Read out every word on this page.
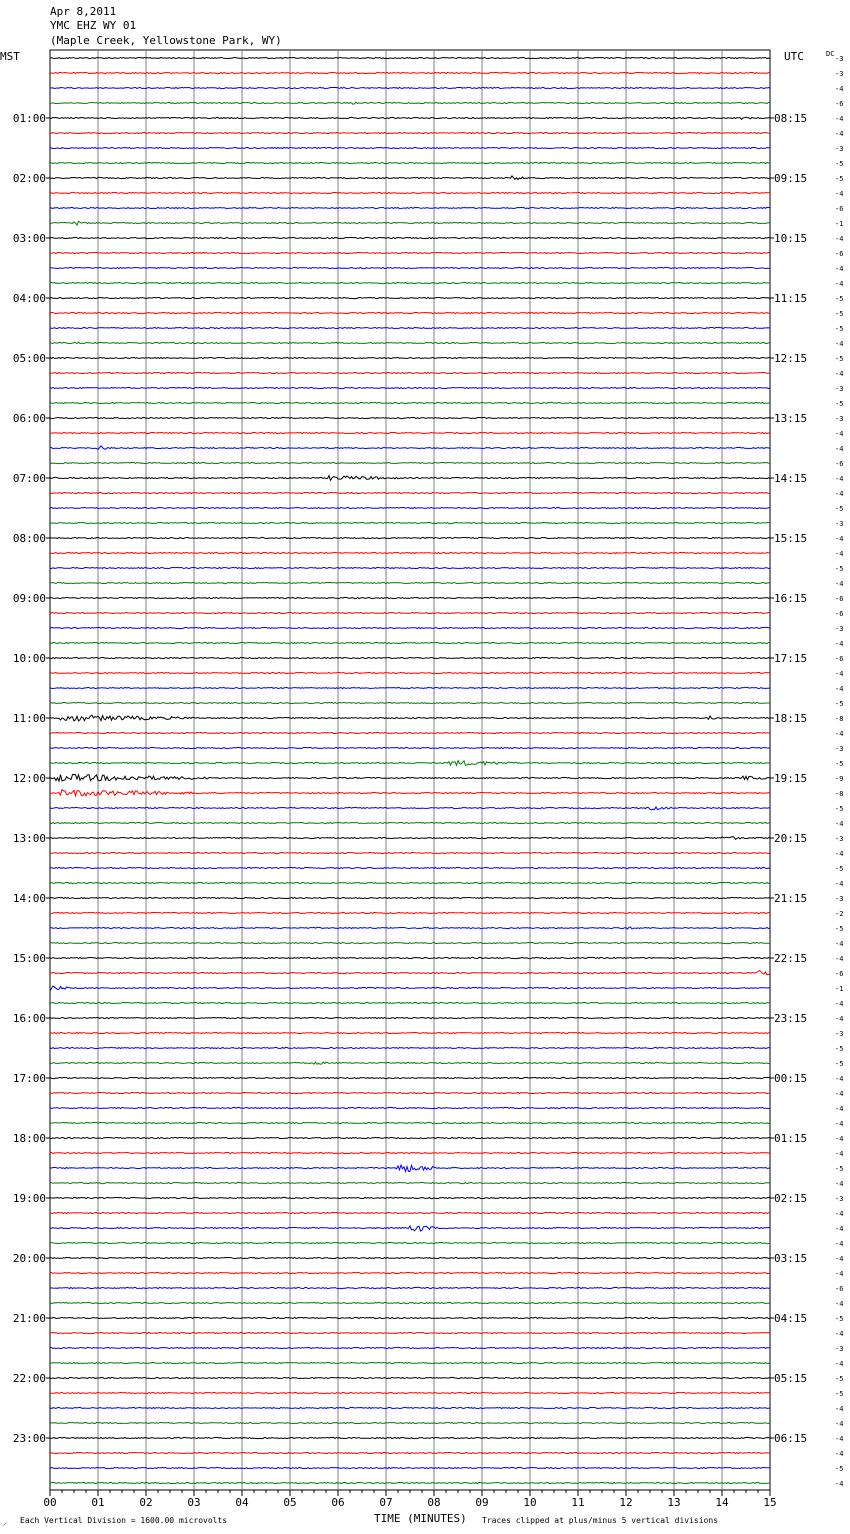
Apr 8,2011
YMC EHZ WY 01
(Maple Creek, Yellowstone Park, WY)
MST	UTC
00	01	02	03	04	05	06	07	08	09	10	11	12	13	14	15
-3
-3
-4
-6
-4
-4
-3
-5
-5
-4
-6
-1
-4
-6
-4
-4
-5
-5
-5
-4
-5
-4
-3
-5
-3
-4
-4
-6
-4
-4
-5
-3
-4
-4
-5
-4
-6
-6
-3
-4
-6
-4
-4
-5
-8
-4
-3
-5
-9
-8
-5
-4
-3
-4
-5
-4
-3
-2
-5
-4
-4
-6
-1
-4
-4
-3
-5
-5
-4
-4
-4
-4
-4
-4
-5
-4
-3
-4
-4
-4
-4
-4
-6
-4
-5
-4
-3
-4
-5
-5
-4
-4
-4
-4
-5
-4
DC
01:00
02:00
03:00
04:00
05:00
06:00
07:00
08:00
09:00
10:00
11:00
12:00
13:00
14:00
15:00
16:00
17:00
18:00
19:00
20:00
21:00
22:00
23:00
08:15
09:15
10:15
11:15
12:15
13:15
14:15
15:15
16:15
17:15
18:15
19:15
20:15
21:15
22:15
23:15
00:15
01:15
02:15
03:15
04:15
05:15
06:15
⸝ Each Vertical Division = 1600.00 microvolts	TIME (MINUTES) Traces clipped at plus/minus 5 vertical divisions
